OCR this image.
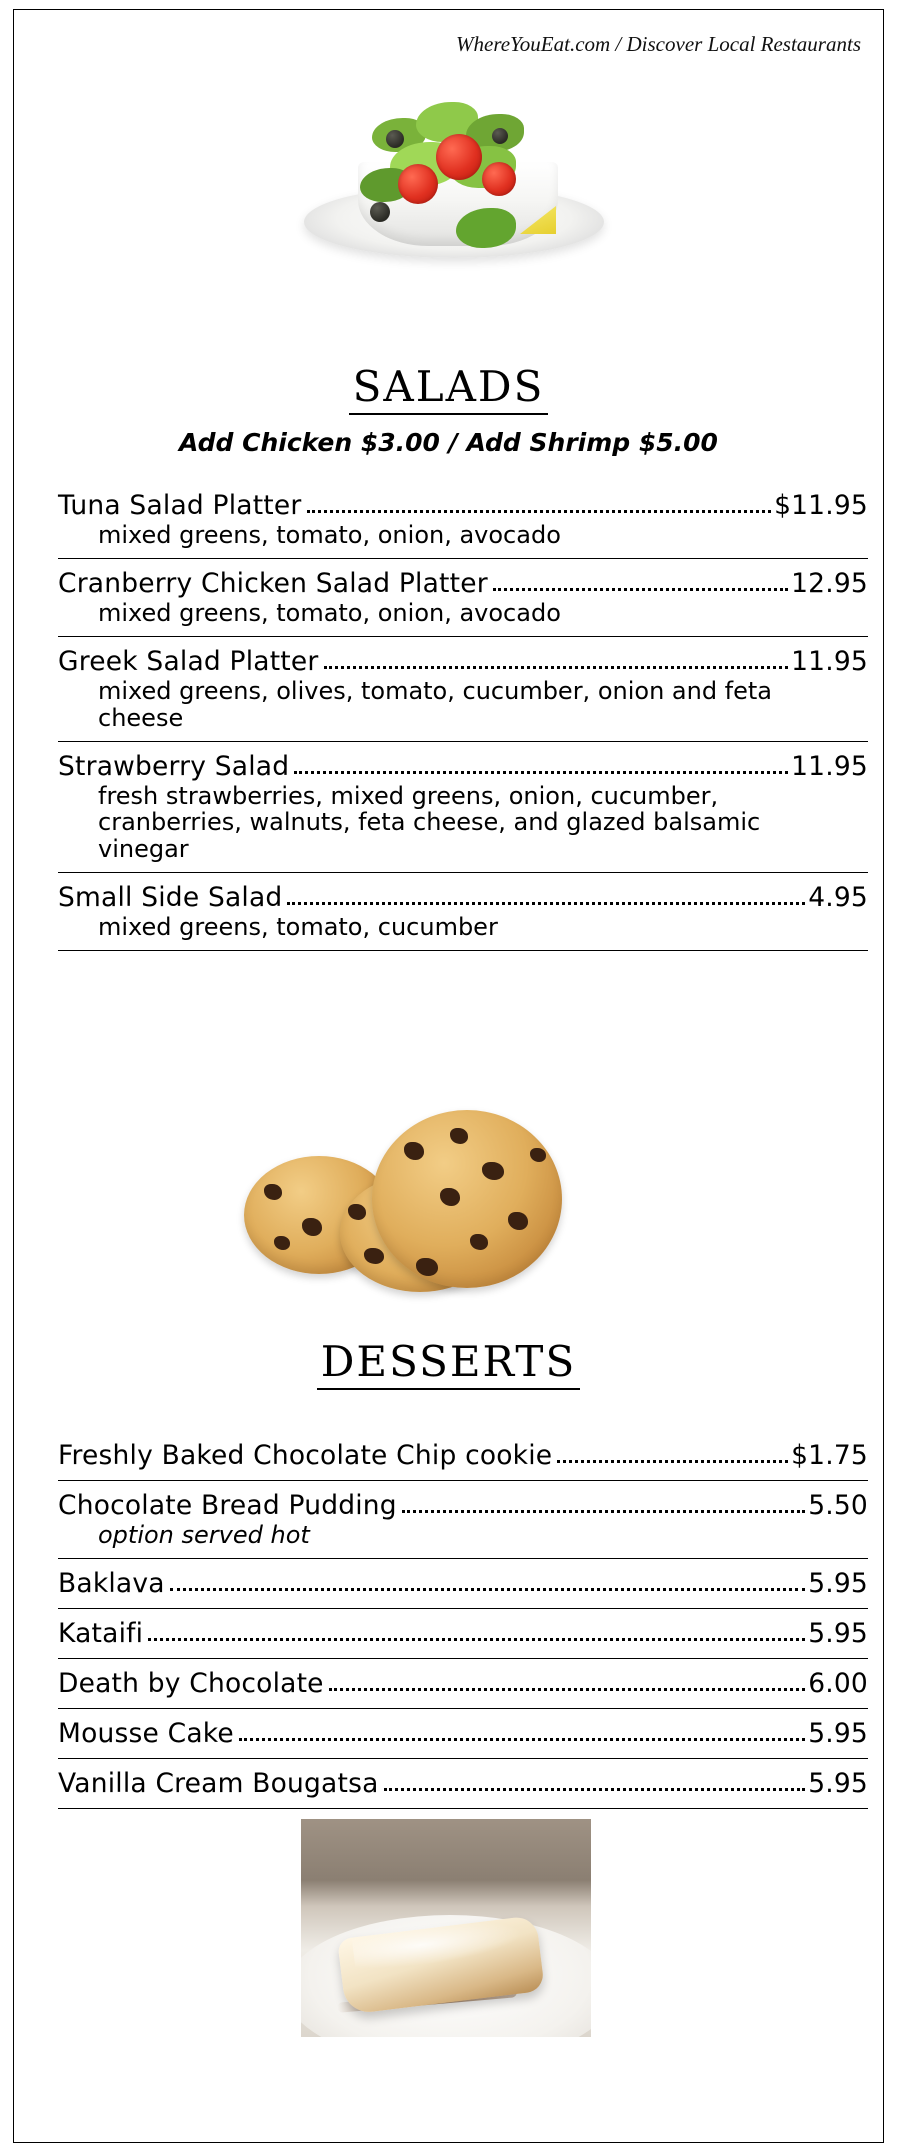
WhereYouEat.com / Discover Local Restaurants
SALADS
Add Chicken $3.00 / Add Shrimp $5.00
Tuna Salad Platter	$11.95
mixed greens, tomato, onion, avocado
Cranberry Chicken Salad Platter	12.95
mixed greens, tomato, onion, avocado
Greek Salad Platter	11.95
mixed greens, olives, tomato, cucumber, onion and feta cheese
Strawberry Salad	11.95
fresh strawberries, mixed greens, onion, cucumber, cranberries, walnuts, feta cheese, and glazed balsamic vinegar
Small Side Salad	4.95
mixed greens, tomato, cucumber
DESSERTS
Freshly Baked Chocolate Chip cookie	$1.75
Chocolate Bread Pudding	5.50
option served hot
Baklava	5.95
Kataifi	5.95
Death by Chocolate	6.00
Mousse Cake	5.95
Vanilla Cream Bougatsa	5.95
